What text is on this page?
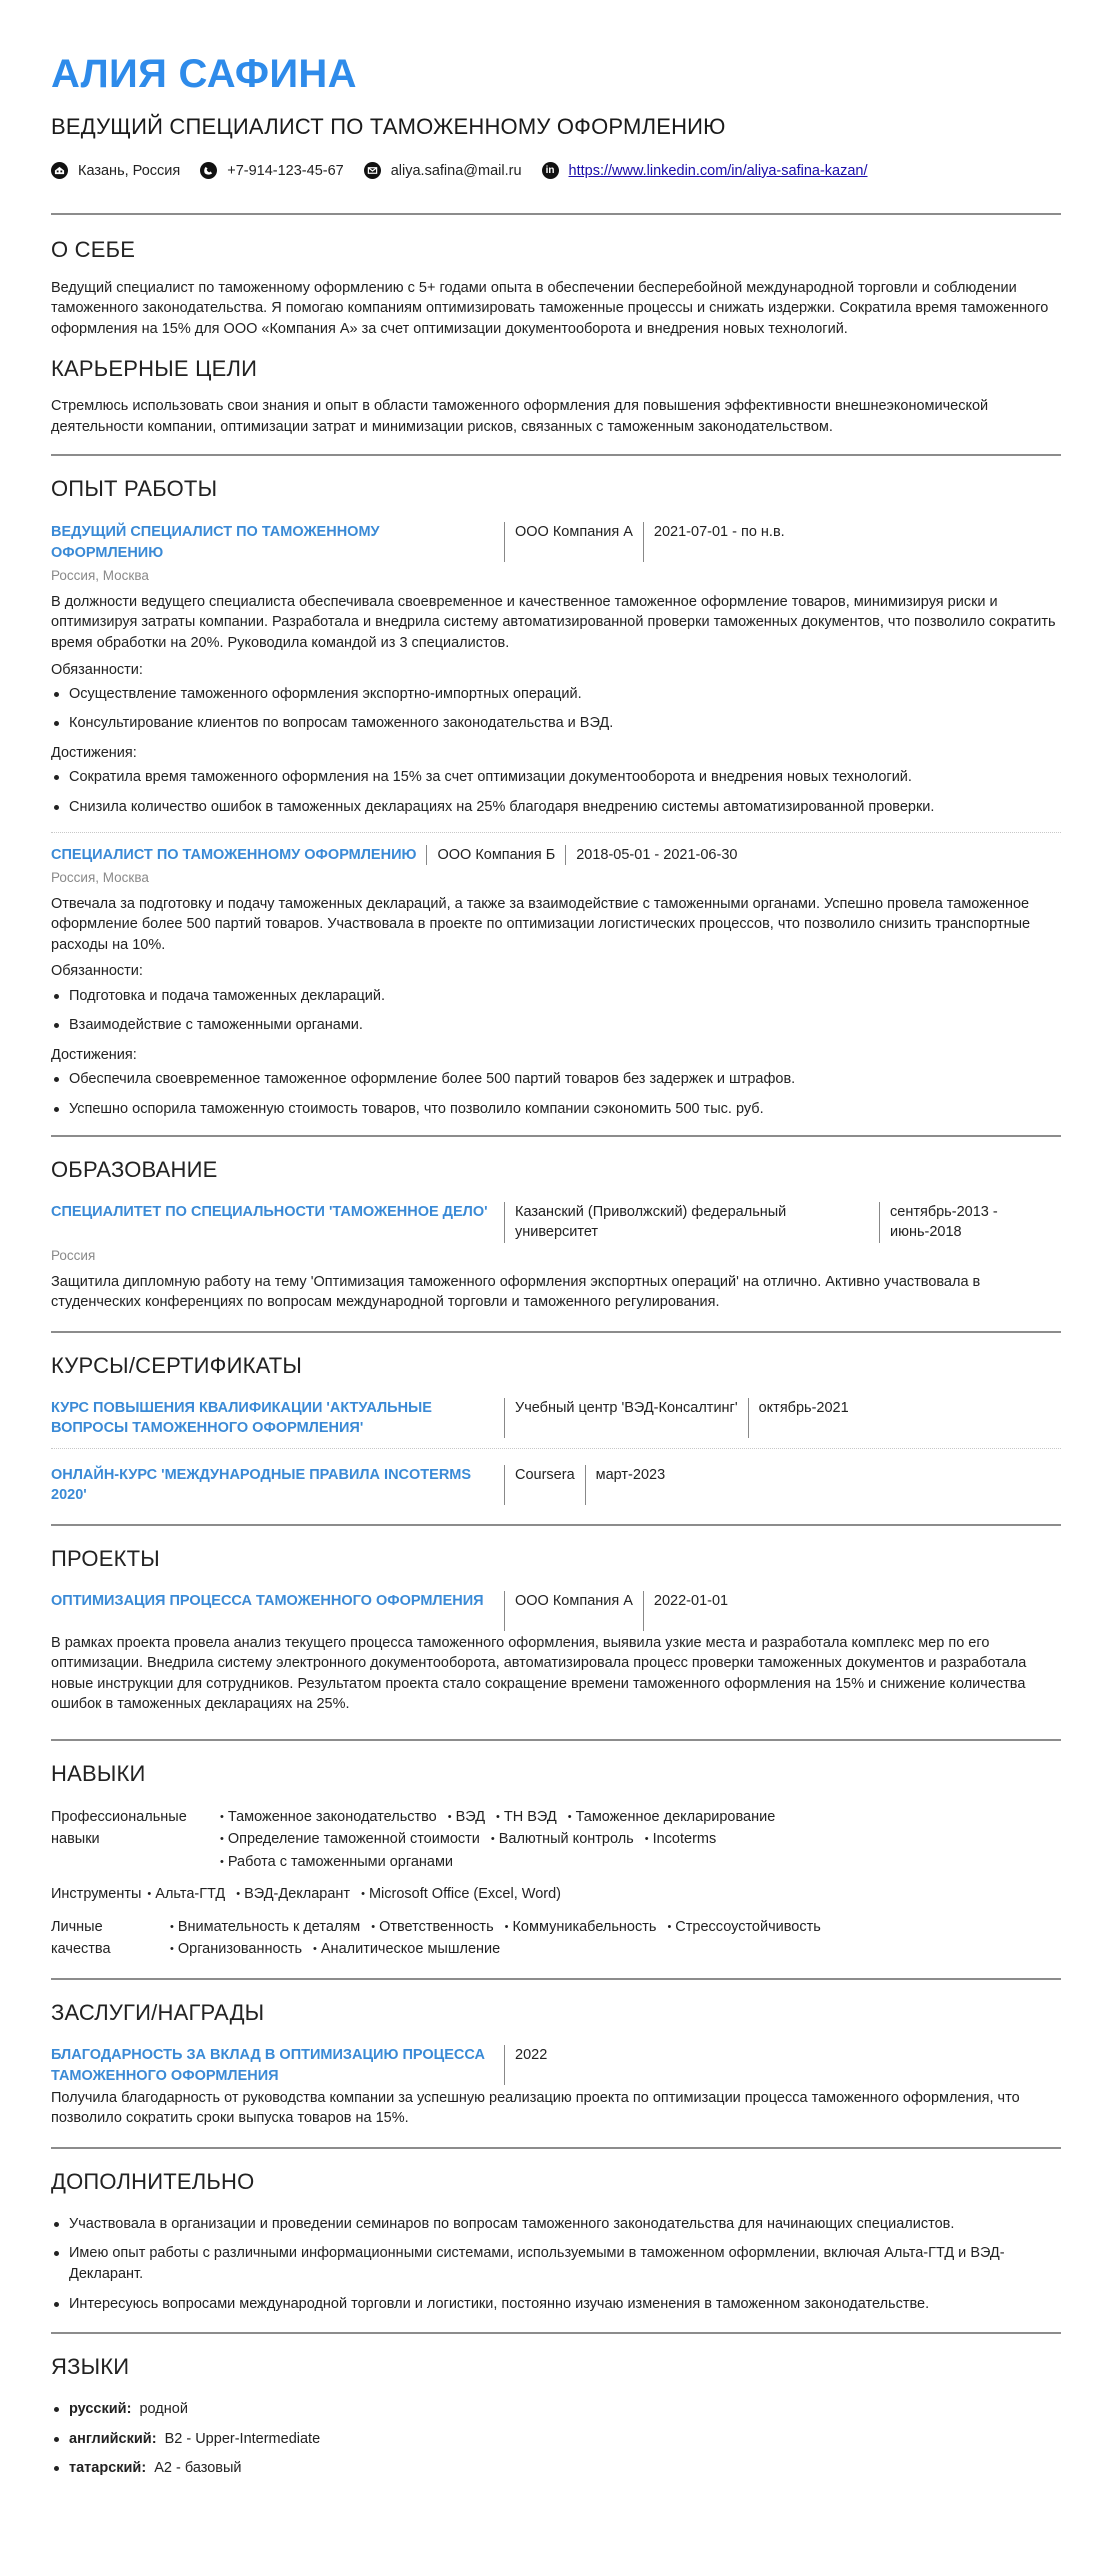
АЛИЯ САФИНА
ВЕДУЩИЙ СПЕЦИАЛИСТ ПО ТАМОЖЕННОМУ ОФОРМЛЕНИЮ
Казань, Россия	+7-914-123-45-67	aliya.safina@mail.ru	in https://www.linkedin.com/in/aliya-safina-kazan/
О СЕБЕ

Ведущий специалист по таможенному оформлению с 5+ годами опыта в обеспечении бесперебойной международной торговли и соблюдении таможенного законодательства. Я помогаю компаниям оптимизировать таможенные процессы и снижать издержки. Сократила время таможенного оформления на 15% для ООО «Компания А» за счет оптимизации документооборота и внедрения новых технологий.

КАРЬЕРНЫЕ ЦЕЛИ

Стремлюсь использовать свои знания и опыт в области таможенного оформления для повышения эффективности внешнеэкономической деятельности компании, оптимизации затрат и минимизации рисков, связанных с таможенным законодательством.

ОПЫТ РАБОТЫ
ВЕДУЩИЙ СПЕЦИАЛИСТ ПО ТАМОЖЕННОМУ ОФОРМЛЕНИЮ
ООО Компания А	2021-07-01 - по н.в.
Россия, Москва

В должности ведущего специалиста обеспечивала своевременное и качественное таможенное оформление товаров, минимизируя риски и оптимизируя затраты компании. Разработала и внедрила систему автоматизированной проверки таможенных документов, что позволило сократить время обработки на 20%. Руководила командой из 3 специалистов.

Обязанности:
Осуществление таможенного оформления экспортно-импортных операций.
Консультирование клиентов по вопросам таможенного законодательства и ВЭД.
Достижения:
Сократила время таможенного оформления на 15% за счет оптимизации документооборота и внедрения новых технологий.
Снизила количество ошибок в таможенных декларациях на 25% благодаря внедрению системы автоматизированной проверки.
СПЕЦИАЛИСТ ПО ТАМОЖЕННОМУ ОФОРМЛЕНИЮ	ООО Компания Б	2018-05-01 - 2021-06-30
Россия, Москва

Отвечала за подготовку и подачу таможенных деклараций, а также за взаимодействие с таможенными органами. Успешно провела таможенное оформление более 500 партий товаров. Участвовала в проекте по оптимизации логистических процессов, что позволило снизить транспортные расходы на 10%.

Обязанности:
Подготовка и подача таможенных деклараций.
Взаимодействие с таможенными органами.
Достижения:
Обеспечила своевременное таможенное оформление более 500 партий товаров без задержек и штрафов.
Успешно оспорила таможенную стоимость товаров, что позволило компании сэкономить 500 тыс. руб.
ОБРАЗОВАНИЕ
СПЕЦИАЛИТЕТ ПО СПЕЦИАЛЬНОСТИ 'ТАМОЖЕННОЕ ДЕЛО'	Казанский (Приволжский) федеральный университет
сентябрь-2013 - июнь-2018
Россия

Защитила дипломную работу на тему 'Оптимизация таможенного оформления экспортных операций' на отлично. Активно участвовала в студенческих конференциях по вопросам международной торговли и таможенного регулирования.

КУРСЫ/СЕРТИФИКАТЫ
КУРС ПОВЫШЕНИЯ КВАЛИФИКАЦИИ 'АКТУАЛЬНЫЕ ВОПРОСЫ ТАМОЖЕННОГО ОФОРМЛЕНИЯ'
Учебный центр 'ВЭД-Консалтинг'	октябрь-2021
ОНЛАЙН-КУРС 'МЕЖДУНАРОДНЫЕ ПРАВИЛА INCOTERMS 2020'
Coursera	март-2023
ПРОЕКТЫ
ОПТИМИЗАЦИЯ ПРОЦЕССА ТАМОЖЕННОГО ОФОРМЛЕНИЯ	ООО Компания А	2022-01-01

В рамках проекта провела анализ текущего процесса таможенного оформления, выявила узкие места и разработала комплекс мер по его оптимизации. Внедрила систему электронного документооборота, автоматизировала процесс проверки таможенных документов и разработала новые инструкции для сотрудников. Результатом проекта стало сокращение времени таможенного оформления на 15% и снижение количества ошибок в таможенных декларациях на 25%.

НАВЫКИ
Профессиональные навыки
• Таможенное законодательство	• ВЭД	• ТН ВЭД	• Таможенное декларирование
• Определение таможенной стоимости	• Валютный контроль	• Incoterms
• Работа с таможенными органами
Инструменты • Альта-ГТД	• ВЭД-Декларант	• Microsoft Office (Excel, Word)
Личные качества
• Внимательность к деталям	• Ответственность	• Коммуникабельность	• Стрессоустойчивость
• Организованность	• Аналитическое мышление
ЗАСЛУГИ/НАГРАДЫ
БЛАГОДАРНОСТЬ ЗА ВКЛАД В ОПТИМИЗАЦИЮ ПРОЦЕССА ТАМОЖЕННОГО ОФОРМЛЕНИЯ
2022

Получила благодарность от руководства компании за успешную реализацию проекта по оптимизации процесса таможенного оформления, что позволило сократить сроки выпуска товаров на 15%.

ДОПОЛНИТЕЛЬНО
Участвовала в организации и проведении семинаров по вопросам таможенного законодательства для начинающих специалистов.
Имею опыт работы с различными информационными системами, используемыми в таможенном оформлении, включая Альта-ГТД и ВЭД-Декларант.
Интересуюсь вопросами международной торговли и логистики, постоянно изучаю изменения в таможенном законодательстве.
ЯЗЫКИ
русский: родной
английский: B2 - Upper-Intermediate
татарский: A2 - базовый
